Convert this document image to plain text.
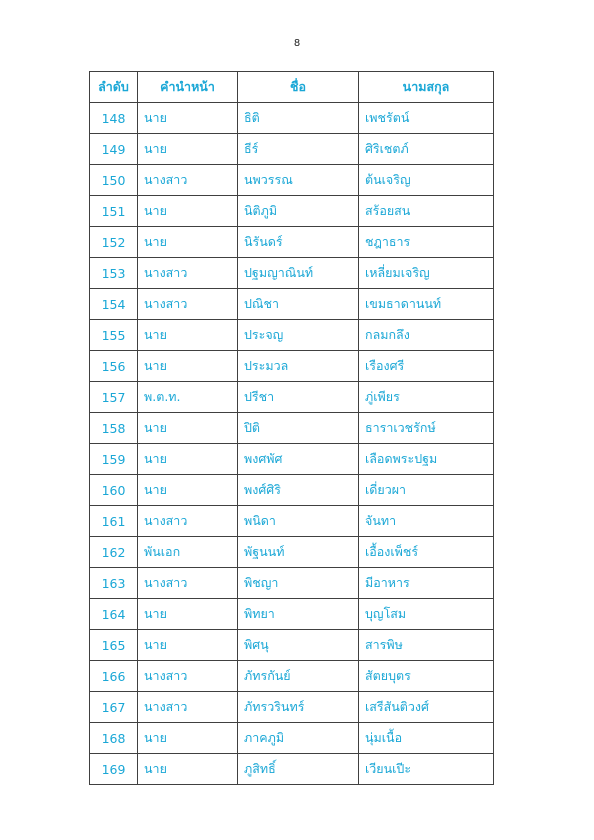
8
ลำดับ	คำนำหน้า	ชื่อ	นามสกุล
148	นาย	ธิติ	เพชรัตน์
149	นาย	ธีร์	ศิริเชตภ์
150	นางสาว	นพวรรณ	ต้นเจริญ
151	นาย	นิติภูมิ	สร้อยสน
152	นาย	นิรันดร์	ชฎาธาร
153	นางสาว	ปฐมญาณินท์	เหลี่ยมเจริญ
154	นางสาว	ปณิชา	เขมธาดานนท์
155	นาย	ประจญ	กลมกลึง
156	นาย	ประมวล	เรืองศรี
157	พ.ต.ท.	ปรีชา	ภู่เพียร
158	นาย	ปิติ	ธาราเวชรักษ์
159	นาย	พงศพัศ	เลือดพระปฐม
160	นาย	พงศ์ศิริ	เดี่ยวผา
161	นางสาว	พนิดา	จันทา
162	พันเอก	พัฐนนท์	เอื้องเพ็ชร์
163	นางสาว	พิชญา	มีอาหาร
164	นาย	พิทยา	บุญโสม
165	นาย	พิศนุ	สารพิษ
166	นางสาว	ภัทรกันย์	สัตยบุตร
167	นางสาว	ภัทรวรินทร์	เสรีสันติวงศ์
168	นาย	ภาคภูมิ	นุ่มเนื้อ
169	นาย	ภูสิทธิ์	เวียนเปีะ
